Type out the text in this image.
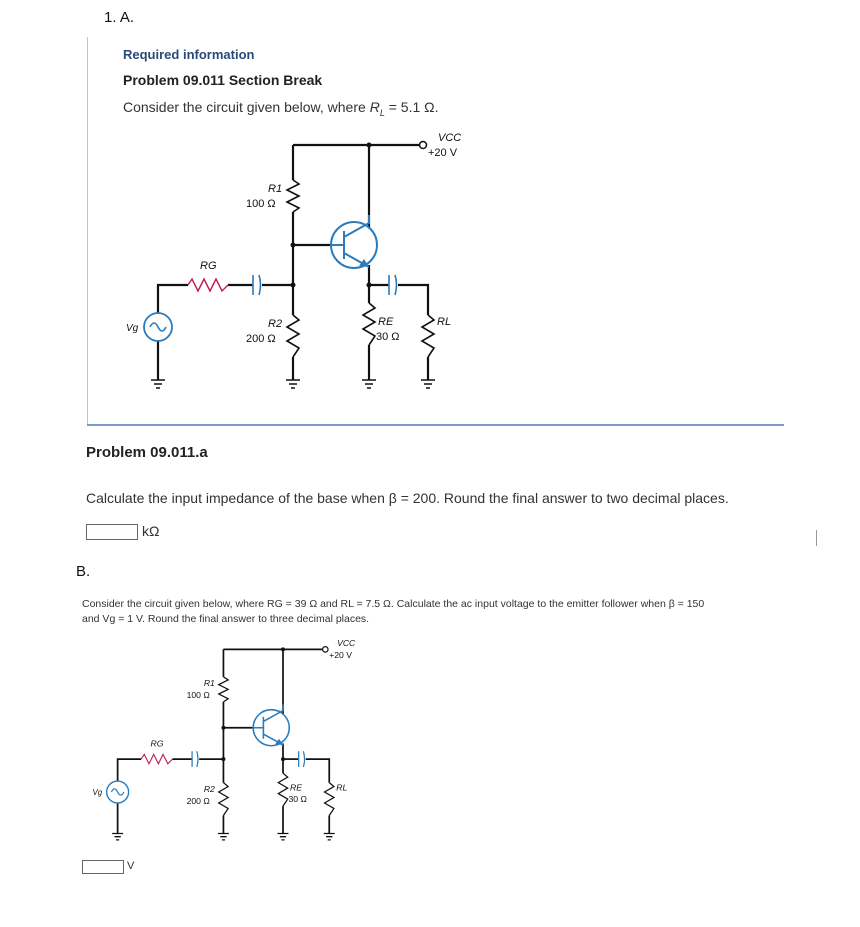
1. A.
Required information
Problem 09.011 Section Break
Consider the circuit given below, where $R_L = 5.1$ Ω.
VCC
+20 V
R1
100 Ω
R2
200 Ω
RE
30 Ω
RL
RG
Vg
Problem 09.011.a
Calculate the input impedance of the base when β = 200. Round the final answer to two decimal places.
kΩ
B.
Consider the circuit given below, where RG = 39 Ω and RL = 7.5 Ω. Calculate the ac input voltage to the emitter follower when β = 150
and Vg = 1 V. Round the final answer to three decimal places.
VCC
+20 V
R1
100 Ω
R2
200 Ω
RE
30 Ω
RL
RG
Vg
V
